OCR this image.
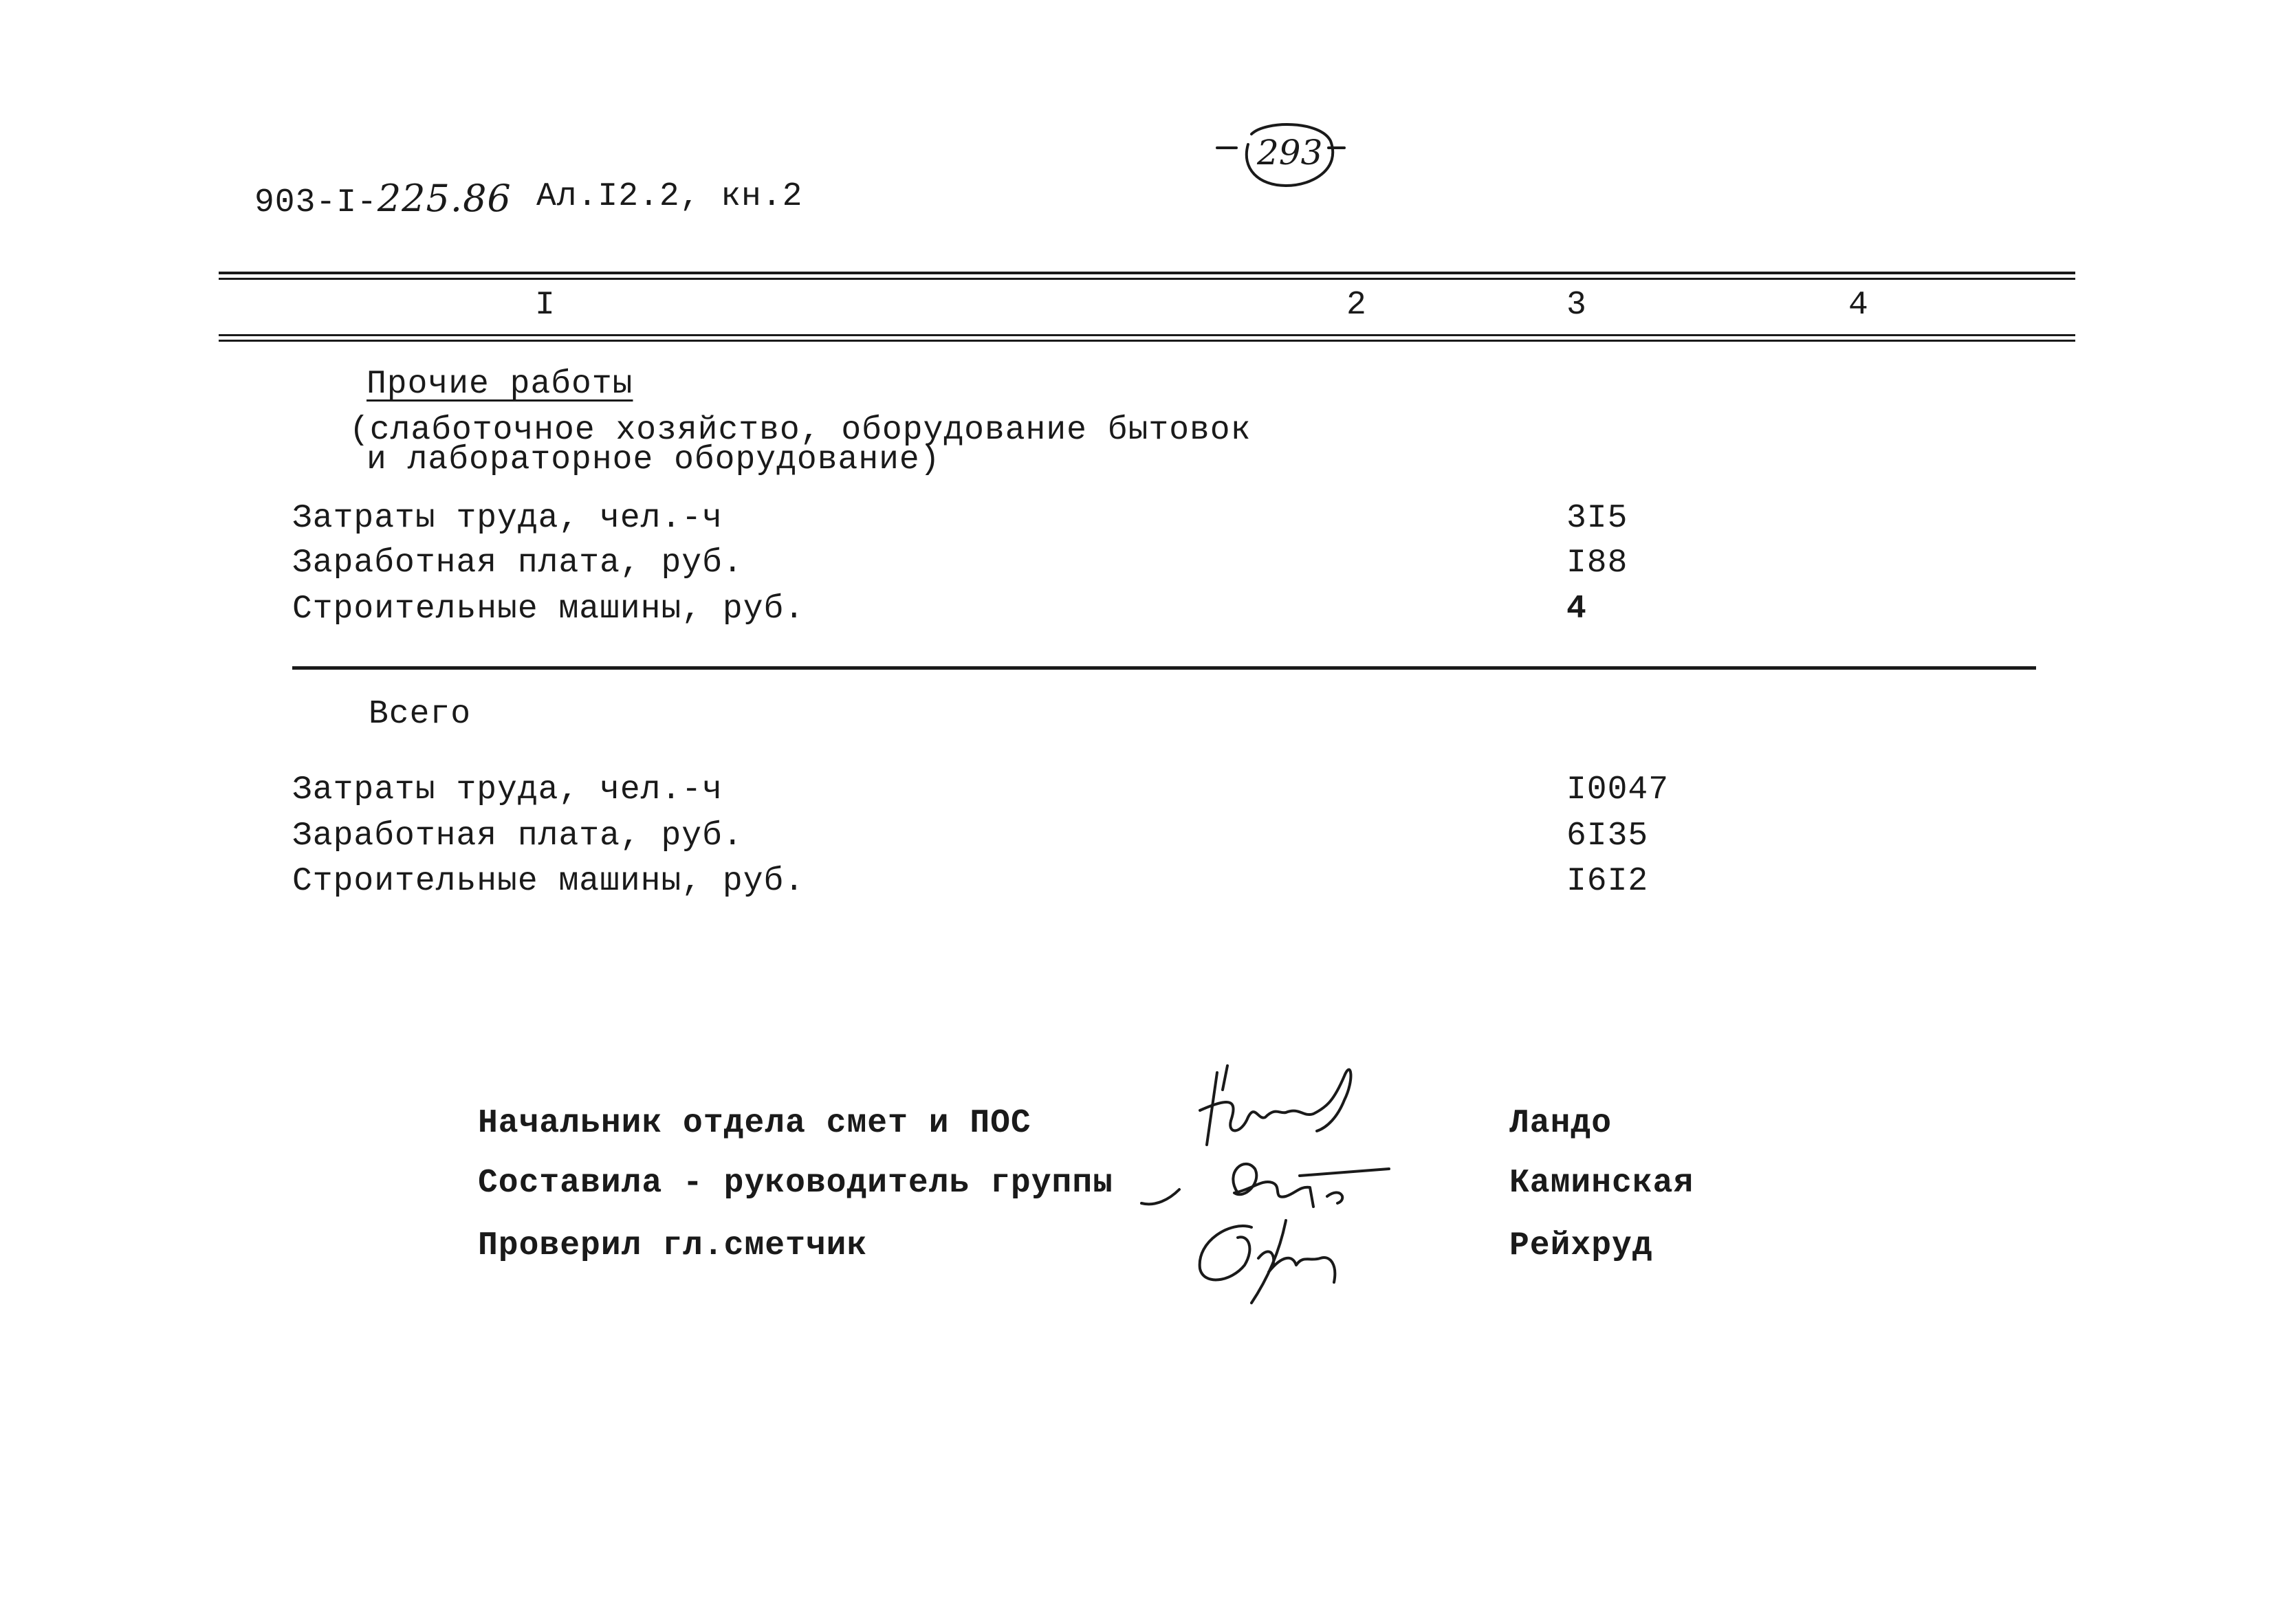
903-I-225.86 Ал.I2.2, кн.2
293
I	2	3	4
Прочие работы
(слаботочное хозяйство, оборудование бытовок
и лабораторное оборудование)
Затраты труда, чел.-ч	3I5
Заработная плата, руб.	I88
Строительные машины, руб.	4
Всего
Затраты труда, чел.-ч	I0047
Заработная плата, руб.	6I35
Строительные машины, руб.	I6I2
Начальник отдела смет и ПОС	Ландо
Составила - руководитель группы	Каминская
Проверил гл.сметчик	Рейхруд
